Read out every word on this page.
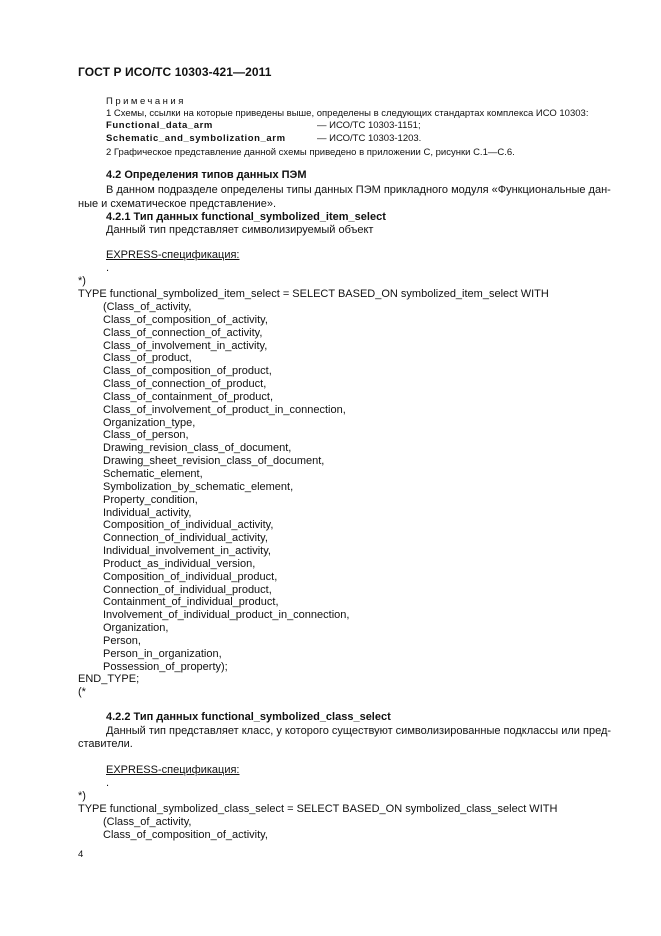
ГОСТ Р ИСО/ТС 10303-421—2011
Примечания
1 Схемы, ссылки на которые приведены выше, определены в следующих стандартах комплекса ИСО 10303:
Functional_data_arm	— ИСО/ТС 10303-1151;
Schematic_and_symbolization_arm	— ИСО/ТС 10303-1203.
2 Графическое представление данной схемы приведено в приложении С, рисунки С.1—С.6.
4.2 Определения типов данных ПЭМ
В данном подразделе определены типы данных ПЭМ прикладного модуля «Функциональные дан-
ные и схематическое представление».
4.2.1 Тип данных functional_symbolized_item_select
Данный тип представляет символизируемый объект
EXPRESS-спецификация:
.
*)
TYPE functional_symbolized_item_select = SELECT BASED_ON symbolized_item_select WITH
(Class_of_activity,
Class_of_composition_of_activity,
Class_of_connection_of_activity,
Class_of_involvement_in_activity,
Class_of_product,
Class_of_composition_of_product,
Class_of_connection_of_product,
Class_of_containment_of_product,
Class_of_involvement_of_product_in_connection,
Organization_type,
Class_of_person,
Drawing_revision_class_of_document,
Drawing_sheet_revision_class_of_document,
Schematic_element,
Symbolization_by_schematic_element,
Property_condition,
Individual_activity,
Composition_of_individual_activity,
Connection_of_individual_activity,
Individual_involvement_in_activity,
Product_as_individual_version,
Composition_of_individual_product,
Connection_of_individual_product,
Containment_of_individual_product,
Involvement_of_individual_product_in_connection,
Organization,
Person,
Person_in_organization,
Possession_of_property);
END_TYPE;
(*
4.2.2 Тип данных functional_symbolized_class_select
Данный тип представляет класс, у которого существуют символизированные подклассы или пред-
ставители.
EXPRESS-спецификация:
.
*)
TYPE functional_symbolized_class_select = SELECT BASED_ON symbolized_class_select WITH
(Class_of_activity,
Class_of_composition_of_activity,
4
